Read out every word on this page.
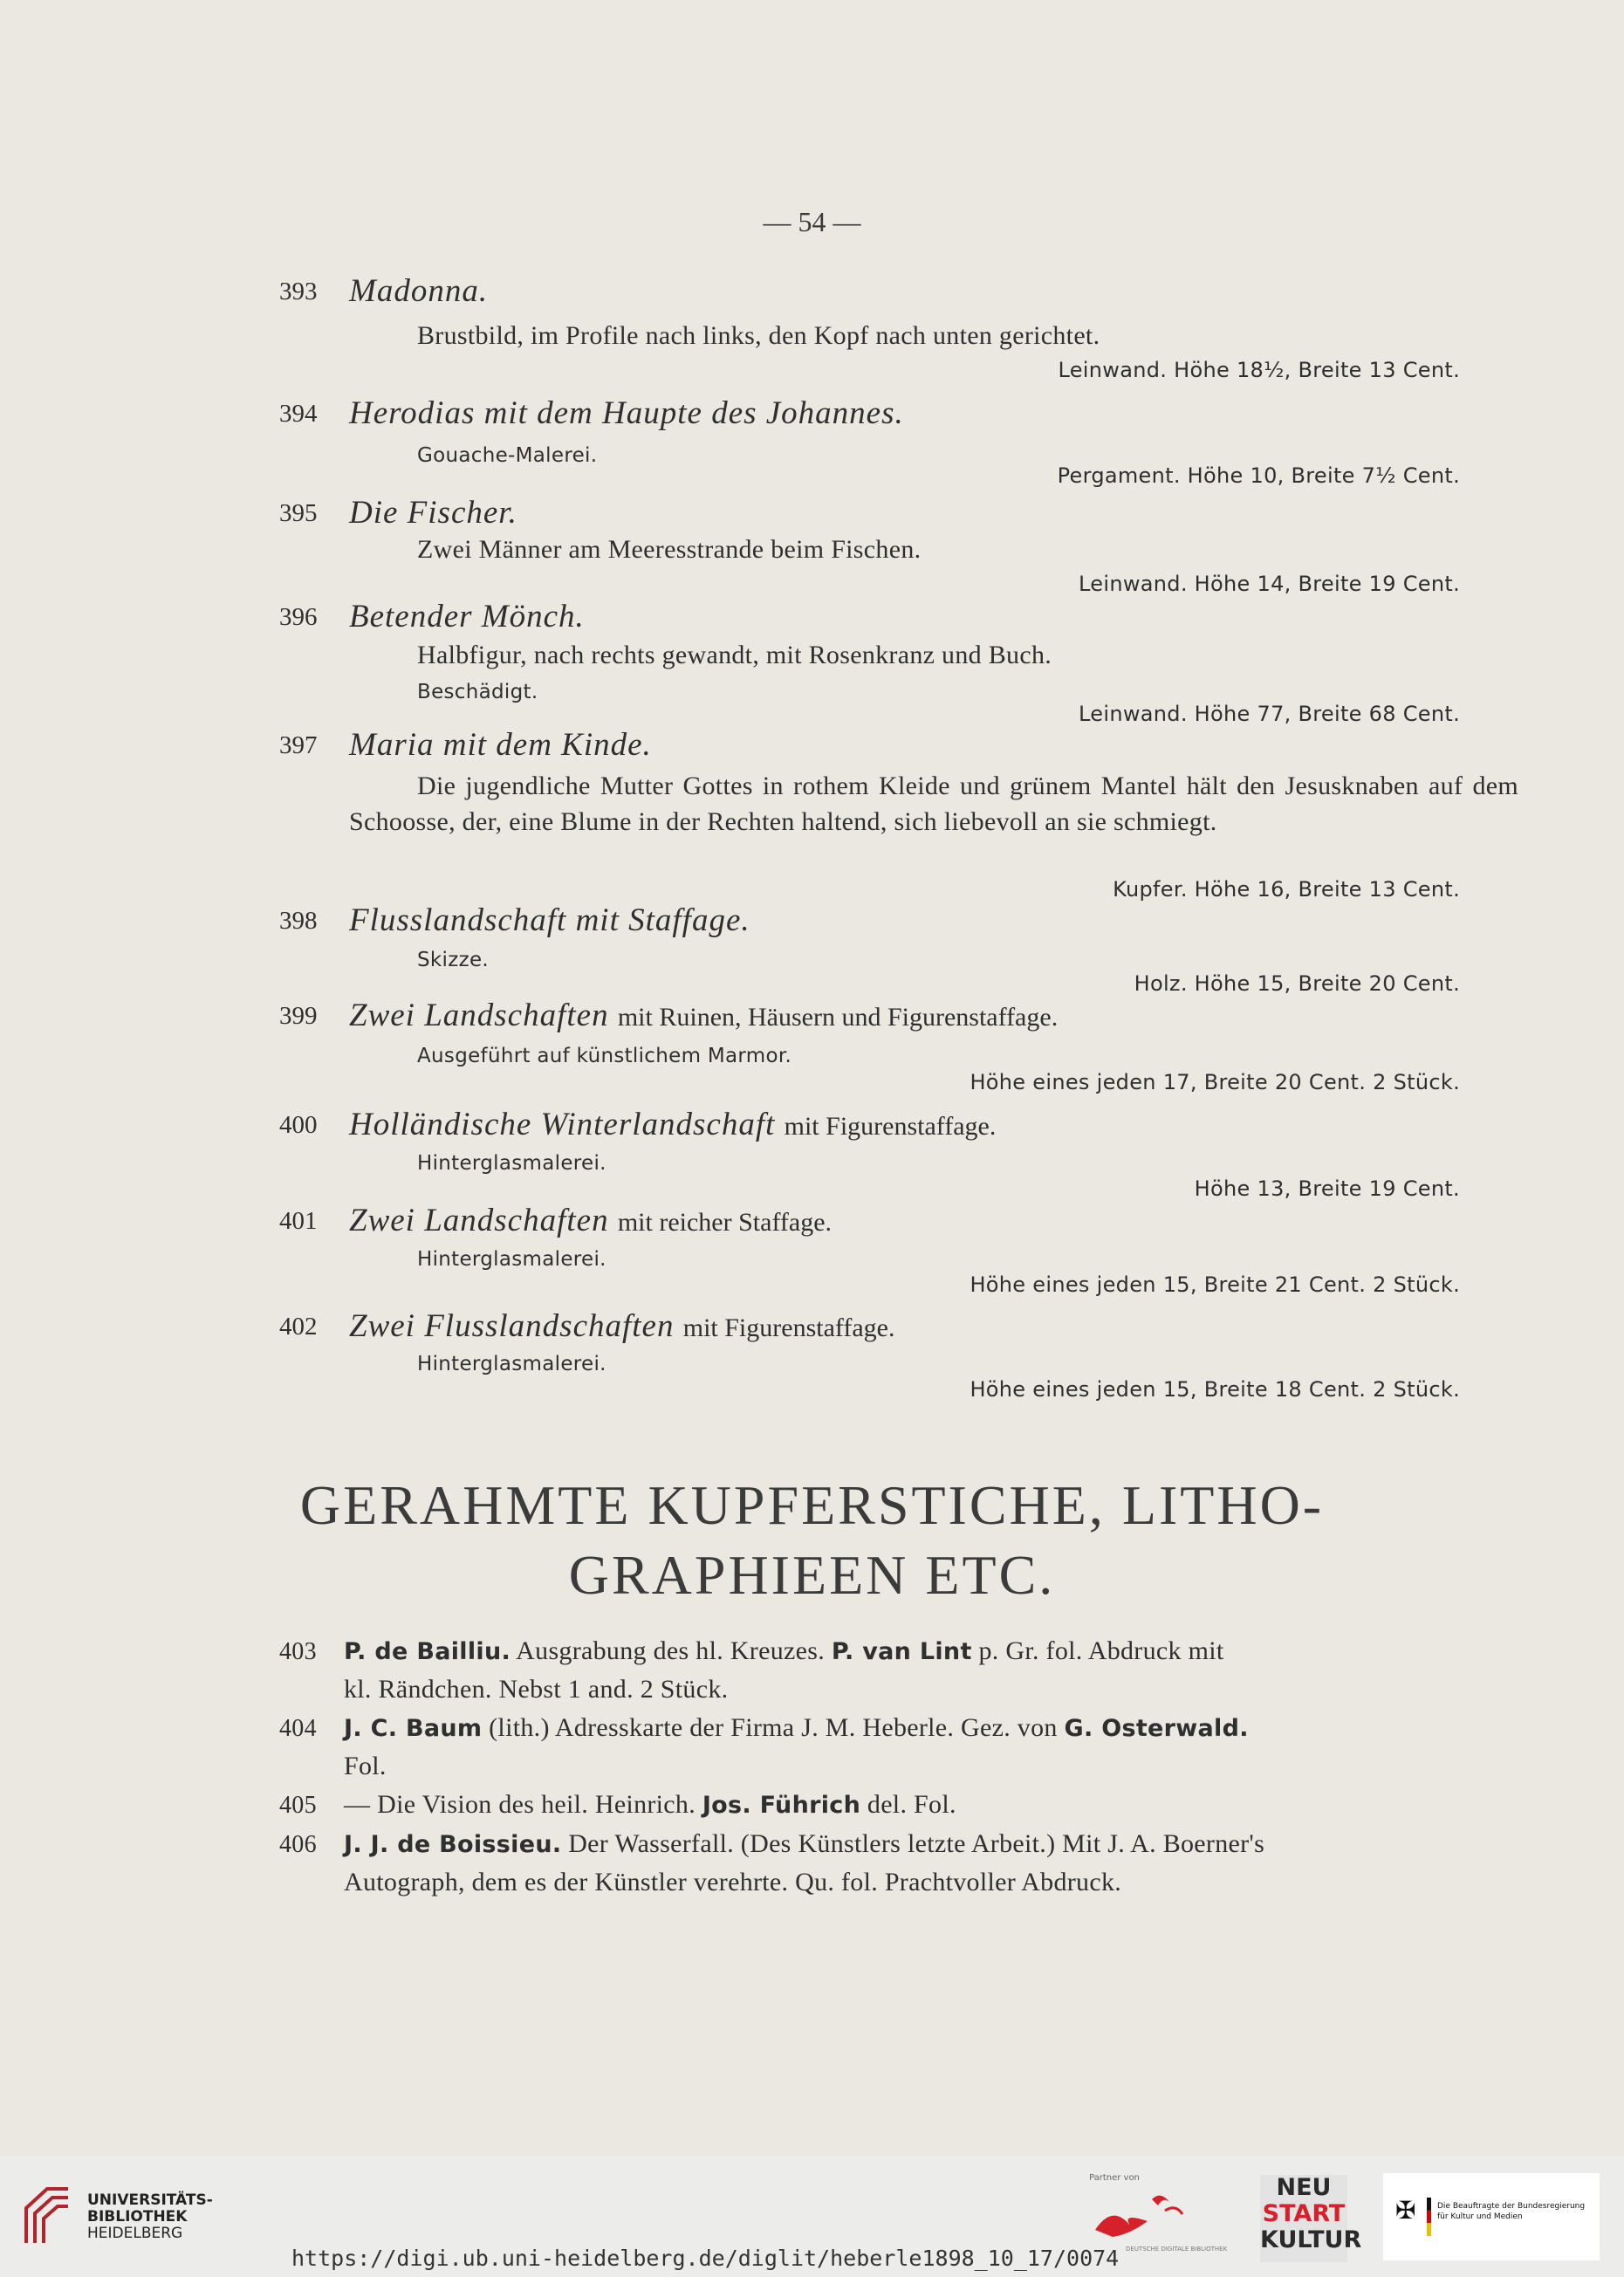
— 54 —
393 Madonna.
Brustbild, im Profile nach links, den Kopf nach unten gerichtet.
Leinwand. Höhe 18½, Breite 13 Cent.
394 Herodias mit dem Haupte des Johannes.
Gouache-Malerei.
Pergament. Höhe 10, Breite 7½ Cent.
395 Die Fischer.
Zwei Männer am Meeresstrande beim Fischen.
Leinwand. Höhe 14, Breite 19 Cent.
396 Betender Mönch.
Halbfigur, nach rechts gewandt, mit Rosenkranz und Buch.
Beschädigt.
Leinwand. Höhe 77, Breite 68 Cent.
397 Maria mit dem Kinde.
Die jugendliche Mutter Gottes in rothem Kleide und grünem Mantel hält den Jesusknaben auf dem Schoosse, der, eine Blume in der Rechten haltend, sich liebevoll an sie schmiegt.
Kupfer. Höhe 16, Breite 13 Cent.
398 Flusslandschaft mit Staffage.
Skizze.
Holz. Höhe 15, Breite 20 Cent.
399 Zwei Landschaften mit Ruinen, Häusern und Figurenstaffage.
Ausgeführt auf künstlichem Marmor.
Höhe eines jeden 17, Breite 20 Cent. 2 Stück.
400 Holländische Winterlandschaft mit Figurenstaffage.
Hinterglasmalerei.
Höhe 13, Breite 19 Cent.
401 Zwei Landschaften mit reicher Staffage.
Hinterglasmalerei.
Höhe eines jeden 15, Breite 21 Cent. 2 Stück.
402 Zwei Flusslandschaften mit Figurenstaffage.
Hinterglasmalerei.
Höhe eines jeden 15, Breite 18 Cent. 2 Stück.
GERAHMTE KUPFERSTICHE, LITHO-
GRAPHIEEN ETC.
403 P. de Bailliu. Ausgrabung des hl. Kreuzes. P. van Lint p. Gr. fol. Abdruck mit
kl. Rändchen. Nebst 1 and. 2 Stück.
404 J. C. Baum (lith.) Adresskarte der Firma J. M. Heberle. Gez. von G. Osterwald.
Fol.
405 — Die Vision des heil. Heinrich. Jos. Führich del. Fol.
406 J. J. de Boissieu. Der Wasserfall. (Des Künstlers letzte Arbeit.) Mit J. A. Boerner's
Autograph, dem es der Künstler verehrte. Qu. fol. Prachtvoller Abdruck.
UNIVERSITÄTS-
BIBLIOTHEK
HEIDELBERG
https://digi.ub.uni-heidelberg.de/diglit/heberle1898_10_17/0074
Partner von
DEUTSCHE DIGITALE BIBLIOTHEK
NEU
START
KULTUR
✠	Die Beauftragte der Bundesregierung
für Kultur und Medien
